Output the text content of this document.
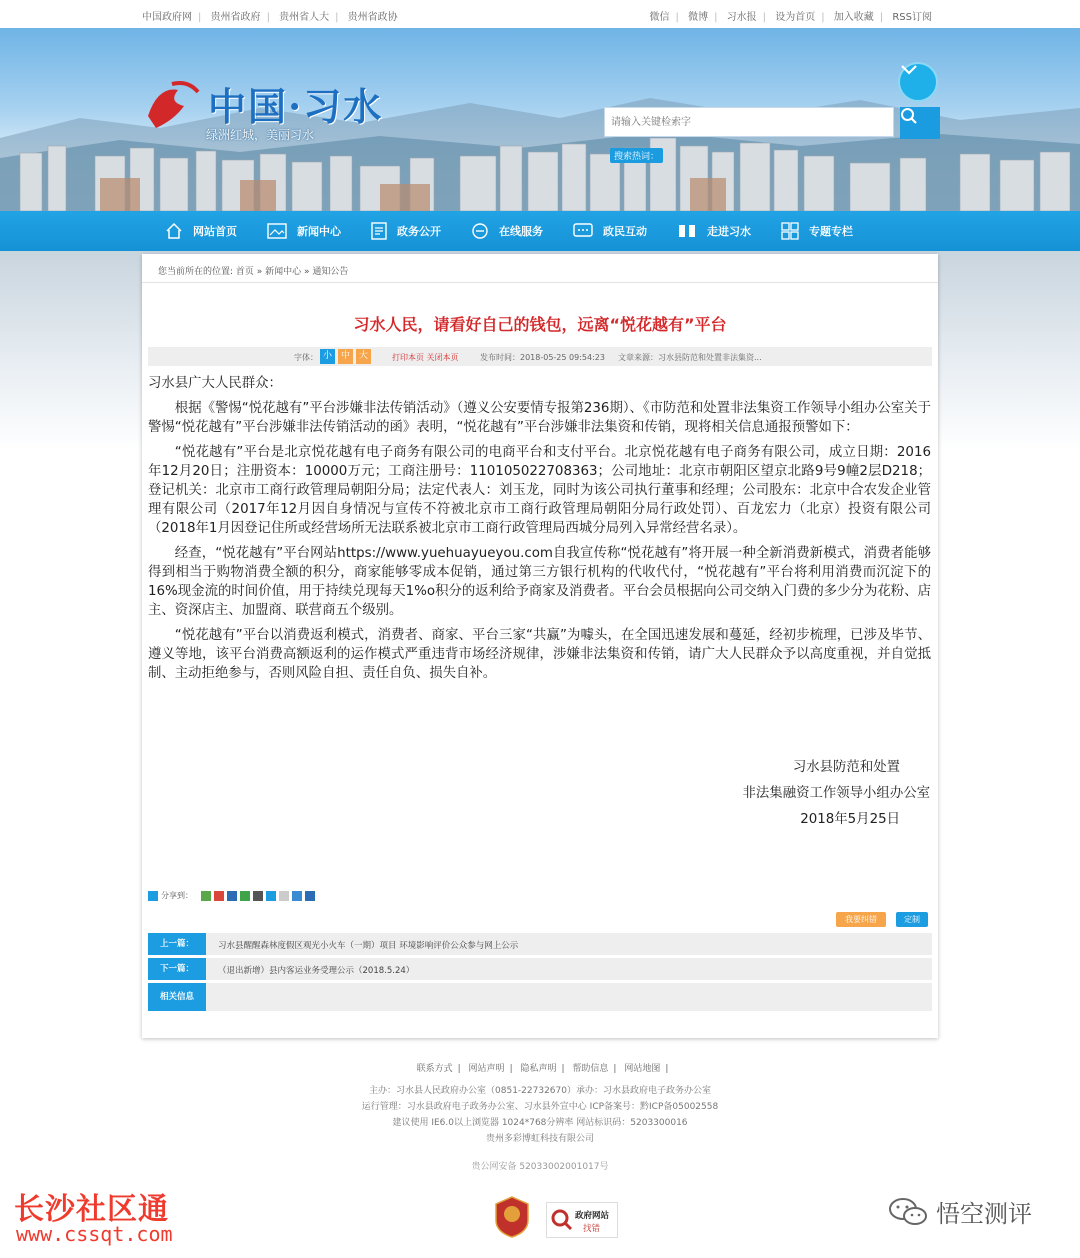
中国政府网 | 贵州省政府 | 贵州省人大 | 贵州省政协	微信 | 微博 | 习水报 | 设为首页 | 加入收藏 | RSS订阅
中国·习水
绿洲红城，美丽习水
请输入关键检索字
搜索热词：
网站首页	新闻中心	政务公开	在线服务	政民互动	走进习水	专题专栏
您当前所在的位置: 首页 » 新闻中心 » 通知公告
习水人民，请看好自己的钱包，远离“悦花越有”平台
字体： 小 中 大	打印本页 关闭本页	发布时间：2018-05-25 09:54:23 文章来源：习水县防范和处置非法集资...

习水县广大人民群众：

根据《警惕“悦花越有”平台涉嫌非法传销活动》（遵义公安要情专报第236期）、《市防范和处置非法集资工作领导小组办公室关于警惕“悦花越有”平台涉嫌非法传销活动的函》表明，“悦花越有”平台涉嫌非法集资和传销，现将相关信息通报预警如下：

“悦花越有”平台是北京悦花越有电子商务有限公司的电商平台和支付平台。北京悦花越有电子商务有限公司，成立日期：2016年12月20日；注册资本：10000万元；工商注册号：110105022708363；公司地址：北京市朝阳区望京北路9号9幢2层D218；登记机关：北京市工商行政管理局朝阳分局；法定代表人：刘玉龙，同时为该公司执行董事和经理；公司股东：北京中合农发企业管理有限公司（2017年12月因自身情况与宣传不符被北京市工商行政管理局朝阳分局行政处罚）、百龙宏力（北京）投资有限公司（2018年1月因登记住所或经营场所无法联系被北京市工商行政管理局西城分局列入异常经营名录）。

经查，“悦花越有”平台网站https://www.yuehuayueyou.com自我宣传称“悦花越有”将开展一种全新消费新模式，消费者能够得到相当于购物消费全额的积分，商家能够零成本促销，通过第三方银行机构的代收代付，“悦花越有”平台将利用消费而沉淀下的16%现金流的时间价值，用于持续兑现每天1%o积分的返利给予商家及消费者。平台会员根据向公司交纳入门费的多少分为花粉、店主、资深店主、加盟商、联营商五个级别。

“悦花越有”平台以消费返利模式，消费者、商家、平台三家“共赢”为噱头，在全国迅速发展和蔓延，经初步梳理，已涉及毕节、遵义等地，该平台消费高额返利的运作模式严重违背市场经济规律，涉嫌非法集资和传销，请广大人民群众予以高度重视，并自觉抵制、主动拒绝参与，否则风险自担、责任自负、损失自补。

习水县防范和处置
非法集融资工作领导小组办公室
2018年5月25日
分享到：
我要纠错	定制
上一篇：	习水县醒醒森林度假区观光小火车（一期）项目 环境影响评价公众参与网上公示
下一篇：	（退出新增）县内客运业务受理公示（2018.5.24）
相关信息
联系方式 | 网站声明 | 隐私声明 | 帮助信息 | 网站地图 |
主办：习水县人民政府办公室（0851-22732670）承办：习水县政府电子政务办公室
运行管理：习水县政府电子政务办公室、习水县外宣中心 ICP备案号：黔ICP备05002558
建议使用 IE6.0以上浏览器 1024*768分辨率 网站标识码：5203300016
贵州多彩博虹科技有限公司
贵公网安备 52033002001017号
政府网站
找错
长沙社区通
www.cssqt.com
悟空测评
